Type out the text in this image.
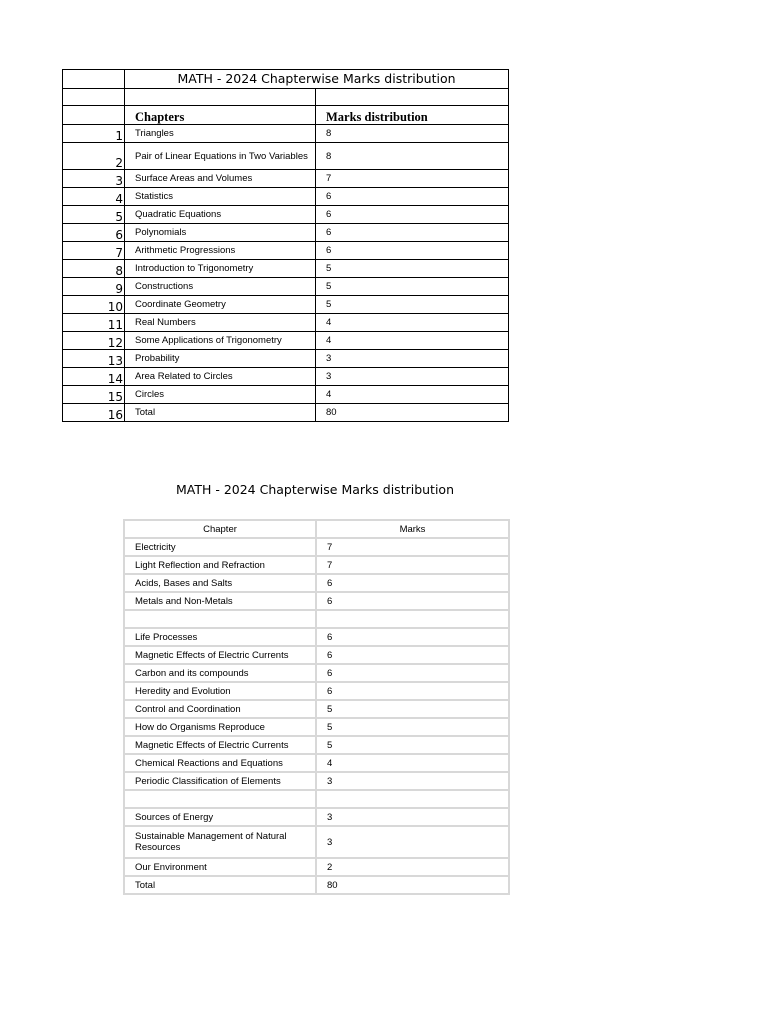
	MATH - 2024 Chapterwise Marks distribution	

	Chapters	Marks distribution
1	Triangles	8
2	Pair of Linear Equations in Two Variables	8
3	Surface Areas and Volumes	7
4	Statistics	6
5	Quadratic Equations	6
6	Polynomials	6
7	Arithmetic Progressions	6
8	Introduction to Trigonometry	5
9	Constructions	5
10	Coordinate Geometry	5
11	Real Numbers	4
12	Some Applications of Trigonometry	4
13	Probability	3
14	Area Related to Circles	3
15	Circles	4
16	Total	80
MATH - 2024 Chapterwise Marks distribution
Chapter	Marks
Electricity	7
Light Reflection and Refraction	7
Acids, Bases and Salts	6
Metals and Non-Metals	6

Life Processes	6
Magnetic Effects of Electric Currents	6
Carbon and its compounds	6
Heredity and Evolution	6
Control and Coordination	5
How do Organisms Reproduce	5
Magnetic Effects of Electric Currents	5
Chemical Reactions and Equations	4
Periodic Classification of Elements	3

Sources of Energy	3
Sustainable Management of Natural Resources	3
Our Environment	2
Total	80
